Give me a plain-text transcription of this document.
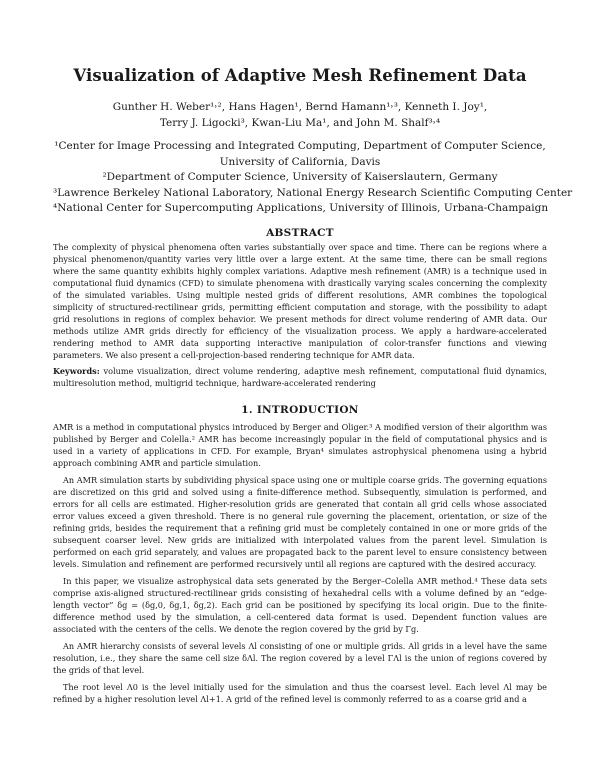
Visualization of Adaptive Mesh Refinement Data
Gunther H. Weber¹˒², Hans Hagen¹, Bernd Hamann¹˒³, Kenneth I. Joy¹,
Terry J. Ligocki³, Kwan-Liu Ma¹, and John M. Shalf³˒⁴
¹Center for Image Processing and Integrated Computing, Department of Computer Science,
University of California, Davis
²Department of Computer Science, University of Kaiserslautern, Germany
³Lawrence Berkeley National Laboratory, National Energy Research Scientific Computing Center
⁴National Center for Supercomputing Applications, University of Illinois, Urbana-Champaign
ABSTRACT
The complexity of physical phenomena often varies substantially over space and time. There can be regions where a physical phenomenon/quantity varies very little over a large extent. At the same time, there can be small regions where the same quantity exhibits highly complex variations. Adaptive mesh refinement (AMR) is a technique used in computational fluid dynamics (CFD) to simulate phenomena with drastically varying scales concerning the complexity of the simulated variables. Using multiple nested grids of different resolutions, AMR combines the topological simplicity of structured-rectilinear grids, permitting efficient computation and storage, with the possibility to adapt grid resolutions in regions of complex behavior. We present methods for direct volume rendering of AMR data. Our methods utilize AMR grids directly for efficiency of the visualization process. We apply a hardware-accelerated rendering method to AMR data supporting interactive manipulation of color-transfer functions and viewing parameters. We also present a cell-projection-based rendering technique for AMR data.
Keywords: volume visualization, direct volume rendering, adaptive mesh refinement, computational fluid dynamics, multiresolution method, multigrid technique, hardware-accelerated rendering
1. INTRODUCTION

AMR is a method in computational physics introduced by Berger and Oliger.³ A modified version of their algorithm was published by Berger and Colella.² AMR has become increasingly popular in the field of computational physics and is used in a variety of applications in CFD. For example, Bryan⁴ simulates astrophysical phenomena using a hybrid approach combining AMR and particle simulation.

An AMR simulation starts by subdividing physical space using one or multiple coarse grids. The governing equations are discretized on this grid and solved using a finite-difference method. Subsequently, simulation is performed, and errors for all cells are estimated. Higher-resolution grids are generated that contain all grid cells whose associated error values exceed a given threshold. There is no general rule governing the placement, orientation, or size of the refining grids, besides the requirement that a refining grid must be completely contained in one or more grids of the subsequent coarser level. New grids are initialized with interpolated values from the parent level. Simulation is performed on each grid separately, and values are propagated back to the parent level to ensure consistency between levels. Simulation and refinement are performed recursively until all regions are captured with the desired accuracy.

In this paper, we visualize astrophysical data sets generated by the Berger–Colella AMR method.⁴ These data sets comprise axis-aligned structured-rectilinear grids consisting of hexahedral cells with a volume defined by an “edge-length vector” δg = (δg,0, δg,1, δg,2). Each grid can be positioned by specifying its local origin. Due to the finite-difference method used by the simulation, a cell-centered data format is used. Dependent function values are associated with the centers of the cells. We denote the region covered by the grid by Γg.

An AMR hierarchy consists of several levels Λl consisting of one or multiple grids. All grids in a level have the same resolution, i.e., they share the same cell size δΛl. The region covered by a level ΓΛl is the union of regions covered by the grids of that level.

The root level Λ0 is the level initially used for the simulation and thus the coarsest level. Each level Λl may be refined by a higher resolution level Λl+1. A grid of the refined level is commonly referred to as a coarse grid and a
